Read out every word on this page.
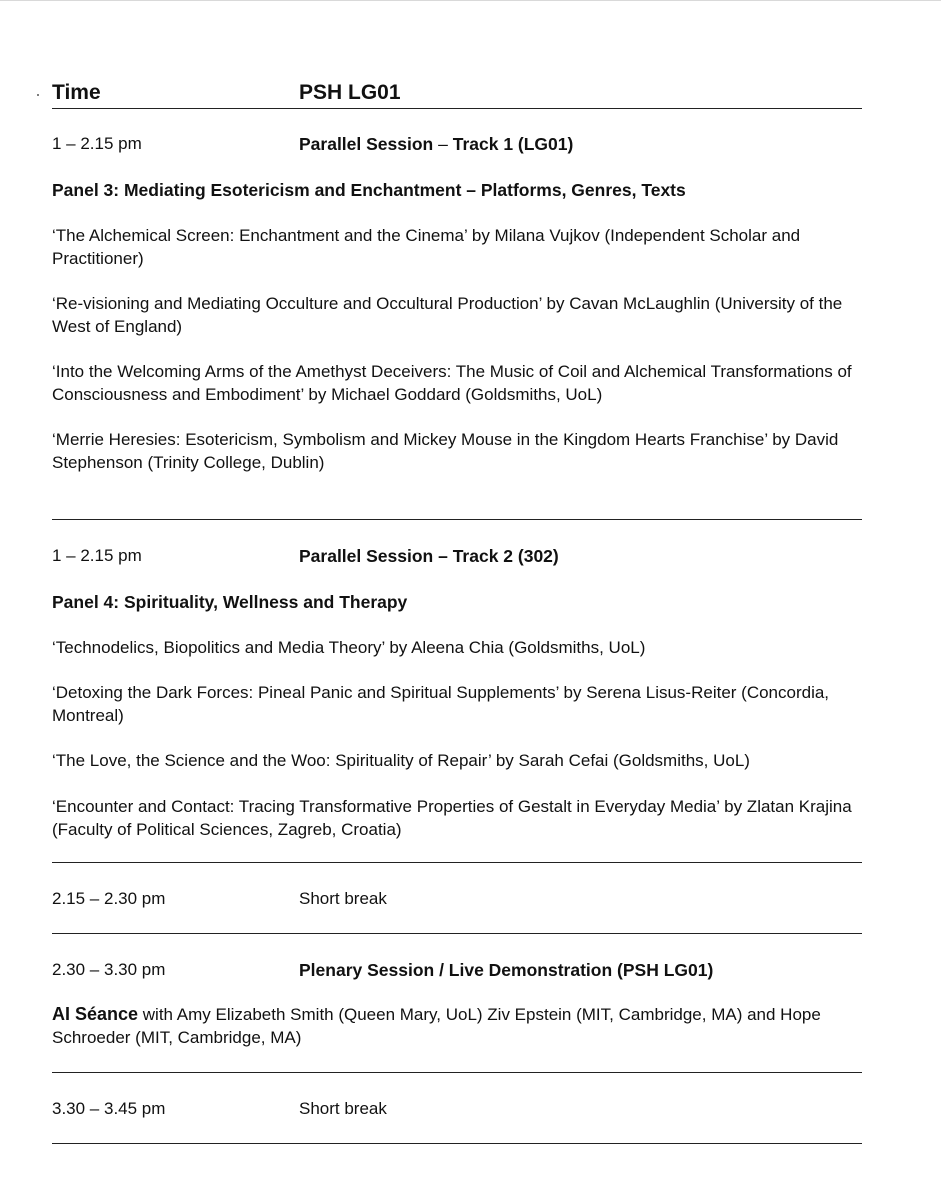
Time	PSH LG01
1 – 2.15 pm	Parallel Session – Track 1 (LG01)
Panel 3: Mediating Esotericism and Enchantment – Platforms, Genres, Texts
‘The Alchemical Screen: Enchantment and the Cinema’ by Milana Vujkov (Independent Scholar and Practitioner)
‘Re-visioning and Mediating Occulture and Occultural Production’ by Cavan McLaughlin (University of the West of England)
‘Into the Welcoming Arms of the Amethyst Deceivers: The Music of Coil and Alchemical Transformations of Consciousness and Embodiment’ by Michael Goddard (Goldsmiths, UoL)
‘Merrie Heresies: Esotericism, Symbolism and Mickey Mouse in the Kingdom Hearts Franchise’ by David Stephenson (Trinity College, Dublin)
1 – 2.15 pm	Parallel Session – Track 2 (302)
Panel 4: Spirituality, Wellness and Therapy
‘Technodelics, Biopolitics and Media Theory’ by Aleena Chia (Goldsmiths, UoL)
‘Detoxing the Dark Forces: Pineal Panic and Spiritual Supplements’ by Serena Lisus-Reiter (Concordia, Montreal)
‘The Love, the Science and the Woo: Spirituality of Repair’ by Sarah Cefai (Goldsmiths, UoL)
‘Encounter and Contact: Tracing Transformative Properties of Gestalt in Everyday Media’ by Zlatan Krajina (Faculty of Political Sciences, Zagreb, Croatia)
2.15 – 2.30 pm	Short break
2.30 – 3.30 pm	Plenary Session / Live Demonstration (PSH LG01)
AI Séance with Amy Elizabeth Smith (Queen Mary, UoL) Ziv Epstein (MIT, Cambridge, MA) and Hope Schroeder (MIT, Cambridge, MA)
3.30 – 3.45 pm	Short break
